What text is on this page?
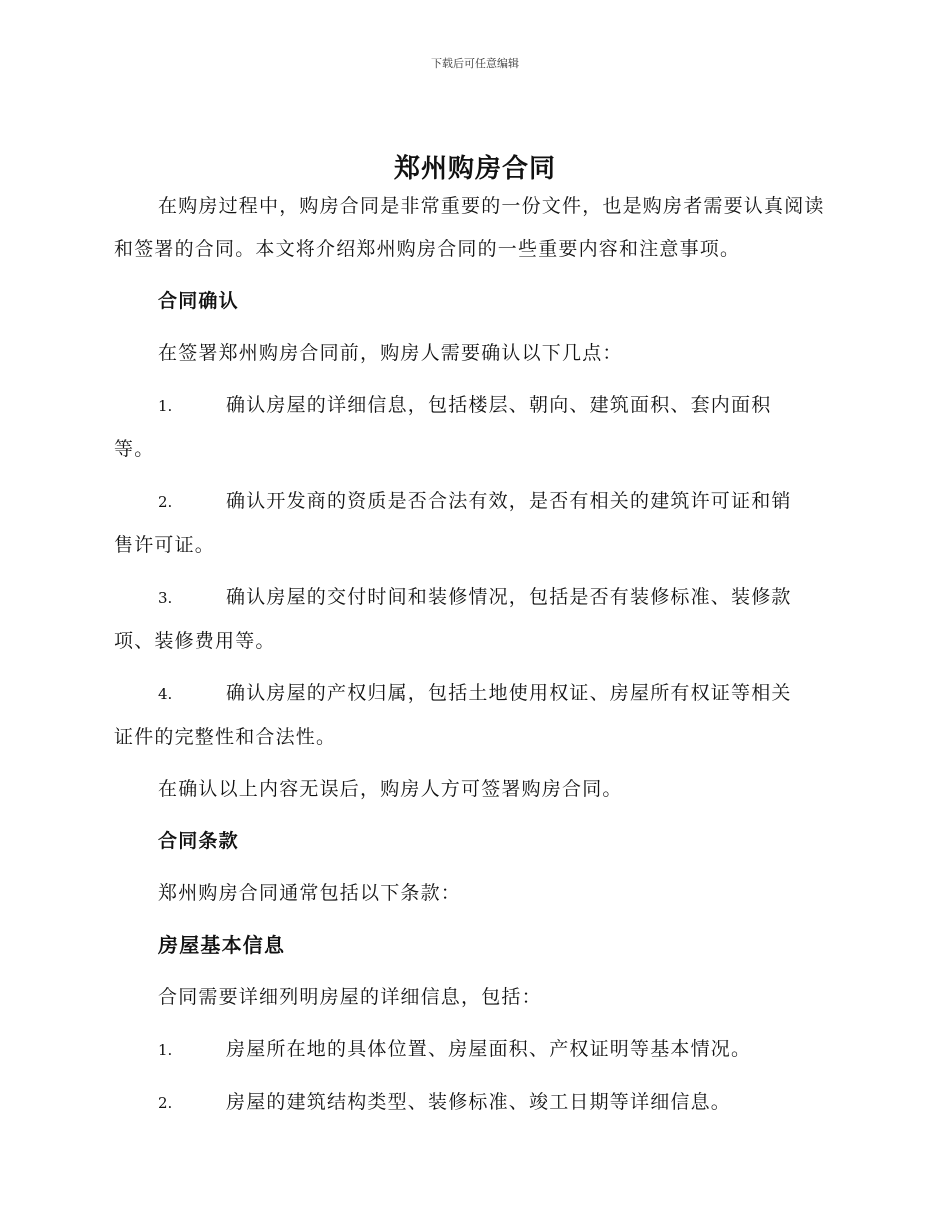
下载后可任意编辑
郑州购房合同

在购房过程中，购房合同是非常重要的一份文件，也是购房者需要认真阅读和签署的合同。本文将介绍郑州购房合同的一些重要内容和注意事项。

合同确认

在签署郑州购房合同前，购房人需要确认以下几点：

1.	确认房屋的详细信息，包括楼层、朝向、建筑面积、套内面积

等。

2.	确认开发商的资质是否合法有效，是否有相关的建筑许可证和销

售许可证。

3.	确认房屋的交付时间和装修情况，包括是否有装修标准、装修款

项、装修费用等。

4.	确认房屋的产权归属，包括土地使用权证、房屋所有权证等相关

证件的完整性和合法性。

在确认以上内容无误后，购房人方可签署购房合同。

合同条款

郑州购房合同通常包括以下条款：

房屋基本信息

合同需要详细列明房屋的详细信息，包括：

1.	房屋所在地的具体位置、房屋面积、产权证明等基本情况。

2.	房屋的建筑结构类型、装修标准、竣工日期等详细信息。
